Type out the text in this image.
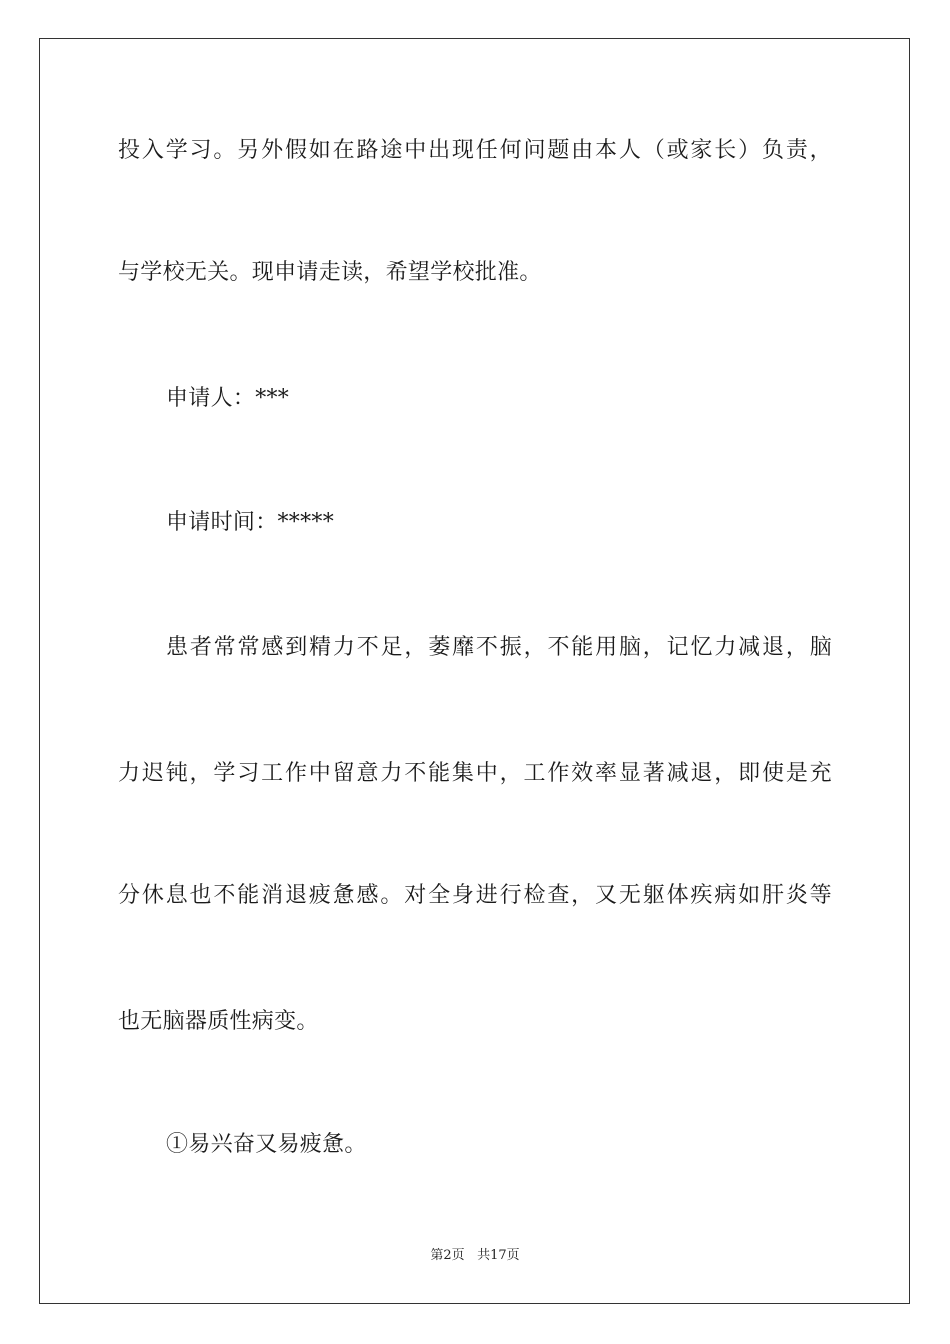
投入学习。另外假如在路途中出现任何问题由本人（或家长）负责，
与学校无关。现申请走读，希望学校批准。
申请人：***
申请时间：*****
患者常常感到精力不足，萎靡不振，不能用脑，记忆力减退，脑
力迟钝，学习工作中留意力不能集中，工作效率显著减退，即使是充
分休息也不能消退疲惫感。对全身进行检查，又无躯体疾病如肝炎等
也无脑器质性病变。
①易兴奋又易疲惫。
第2页 共17页
